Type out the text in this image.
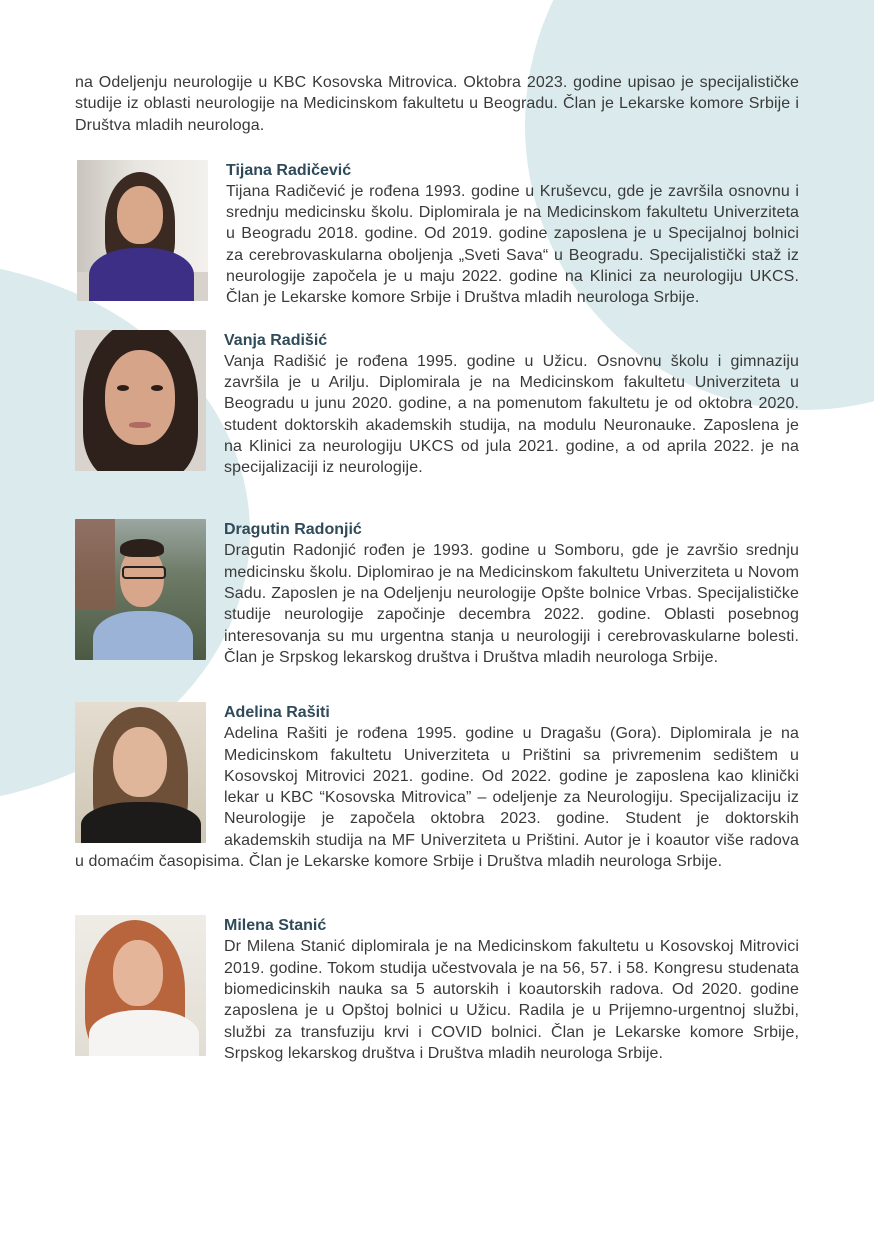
na Odeljenju neurologije u KBC Kosovska Mitrovica. Oktobra 2023. godine upisao je specijalističke studije iz oblasti neurologije na Medicinskom fakultetu u Beogradu. Član je Lekarske komore Srbije i Društva mladih neurologa.

Tijana Radičević

Tijana Radičević je rođena 1993. godine u Kruševcu, gde je završila osnovnu i srednju medicinsku školu. Diplomirala je na Medicinskom fakultetu Univerziteta u Beogradu 2018. godine. Od 2019. godine zaposlena je u Specijalnoj bolnici za cerebrovaskularna oboljenja „Sveti Sava“ u Beogradu. Specijalistički staž iz neurologije započela je u maju 2022. godine na Klinici za neurologiju UKCS. Član je Lekarske komore Srbije i Društva mladih neurologa Srbije.

Vanja Radišić

Vanja Radišić je rođena 1995. godine u Užicu. Osnovnu školu i gimnaziju završila je u Arilju. Diplomirala je na Medicinskom fakultetu Univerziteta u Beogradu u junu 2020. godine, a na pomenutom fakultetu je od oktobra 2020. student doktorskih akademskih studija, na modulu Neuronauke. Zaposlena je na Klinici za neurologiju UKCS od jula 2021. godine, a od aprila 2022. je na specijalizaciji iz neurologije.

Dragutin Radonjić

Dragutin Radonjić rođen je 1993. godine u Somboru, gde je završio srednju medicinsku školu. Diplomirao je na Medicinskom fakultetu Univerziteta u Novom Sadu. Zaposlen je na Odeljenju neurologije Opšte bolnice Vrbas. Specijalističke studije neurologije započinje decembra 2022. godine. Oblasti posebnog interesovanja su mu urgentna stanja u neurologiji i cerebrovaskularne bolesti. Član je Srpskog lekarskog društva i Društva mladih neurologa Srbije.

Adelina Rašiti

Adelina Rašiti je rođena 1995. godine u Dragašu (Gora). Diplomirala je na Medicinskom fakultetu Univerziteta u Prištini sa privremenim sedištem u Kosovskoj Mitrovici 2021. godine. Od 2022. godine je zaposlena kao klinički lekar u KBC “Kosovska Mitrovica” – odeljenje za Neurologiju. Specijalizaciju iz Neurologije je započela oktobra 2023. godine. Student je doktorskih akademskih studija na MF Univerziteta u Prištini. Autor je i koautor više radova u domaćim časopisima. Član je Lekarske komore Srbije i Društva mladih neurologa Srbije.

Milena Stanić

Dr Milena Stanić diplomirala je na Medicinskom fakultetu u Kosovskoj Mitrovici 2019. godine. Tokom studija učestvovala je na 56, 57. i 58. Kongresu studenata biomedicinskih nauka sa 5 autorskih i koautorskih radova. Od 2020. godine zaposlena je u Opštoj bolnici u Užicu. Radila je u Prijemno-urgentnoj službi, službi za transfuziju krvi i COVID bolnici. Član je Lekarske komore Srbije, Srpskog lekarskog društva i Društva mladih neurologa Srbije.
